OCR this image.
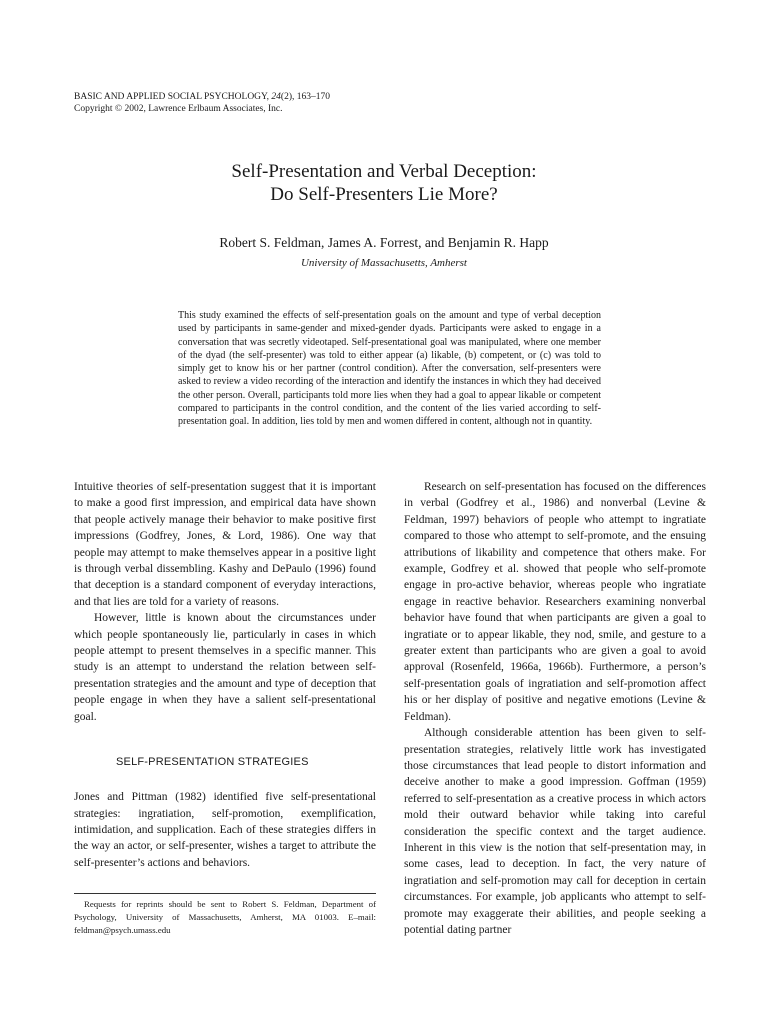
BASIC AND APPLIED SOCIAL PSYCHOLOGY, 24(2), 163–170
Copyright © 2002, Lawrence Erlbaum Associates, Inc.
Self-Presentation and Verbal Deception:
Do Self-Presenters Lie More?
Robert S. Feldman, James A. Forrest, and Benjamin R. Happ
University of Massachusetts, Amherst
This study examined the effects of self-presentation goals on the amount and type of verbal deception used by participants in same-gender and mixed-gender dyads. Participants were asked to engage in a conversation that was secretly videotaped. Self-presentational goal was manipulated, where one member of the dyad (the self-presenter) was told to either appear (a) likable, (b) competent, or (c) was told to simply get to know his or her partner (control condition). After the conversation, self-presenters were asked to review a video recording of the interaction and identify the instances in which they had deceived the other person. Overall, participants told more lies when they had a goal to appear likable or competent compared to participants in the control condition, and the content of the lies varied according to self-presentation goal. In addition, lies told by men and women differed in content, although not in quantity.

Intuitive theories of self-presentation suggest that it is important to make a good first impression, and empirical data have shown that people actively manage their behavior to make positive first impressions (Godfrey, Jones, & Lord, 1986). One way that people may attempt to make themselves appear in a positive light is through verbal dissembling. Kashy and DePaulo (1996) found that deception is a standard component of everyday interactions, and that lies are told for a variety of reasons.

However, little is known about the circumstances under which people spontaneously lie, particularly in cases in which people attempt to present themselves in a specific manner. This study is an attempt to understand the relation between self-presentation strategies and the amount and type of deception that people engage in when they have a salient self-presentational goal.

SELF-PRESENTATION STRATEGIES

Jones and Pittman (1982) identified five self-presentational strategies: ingratiation, self-promotion, exemplification, intimidation, and supplication. Each of these strategies differs in the way an actor, or self-presenter, wishes a target to attribute the self-presenter’s actions and behaviors.

Requests for reprints should be sent to Robert S. Feldman, Department of Psychology, University of Massachusetts, Amherst, MA 01003. E–mail: feldman@psych.umass.edu

Research on self-presentation has focused on the differences in verbal (Godfrey et al., 1986) and nonverbal (Levine & Feldman, 1997) behaviors of people who attempt to ingratiate compared to those who attempt to self-promote, and the ensuing attributions of likability and competence that others make. For example, Godfrey et al. showed that people who self-promote engage in pro-active behavior, whereas people who ingratiate engage in reactive behavior. Researchers examining nonverbal behavior have found that when participants are given a goal to ingratiate or to appear likable, they nod, smile, and gesture to a greater extent than participants who are given a goal to avoid approval (Rosenfeld, 1966a, 1966b). Furthermore, a person’s self-presentation goals of ingratiation and self-promotion affect his or her display of positive and negative emotions (Levine & Feldman).

Although considerable attention has been given to self-presentation strategies, relatively little work has investigated those circumstances that lead people to distort information and deceive another to make a good impression. Goffman (1959) referred to self-presentation as a creative process in which actors mold their outward behavior while taking into careful consideration the specific context and the target audience. Inherent in this view is the notion that self-presentation may, in some cases, lead to deception. In fact, the very nature of ingratiation and self-promotion may call for deception in certain circumstances. For example, job applicants who attempt to self-promote may exaggerate their abilities, and people seeking a potential dating partner
